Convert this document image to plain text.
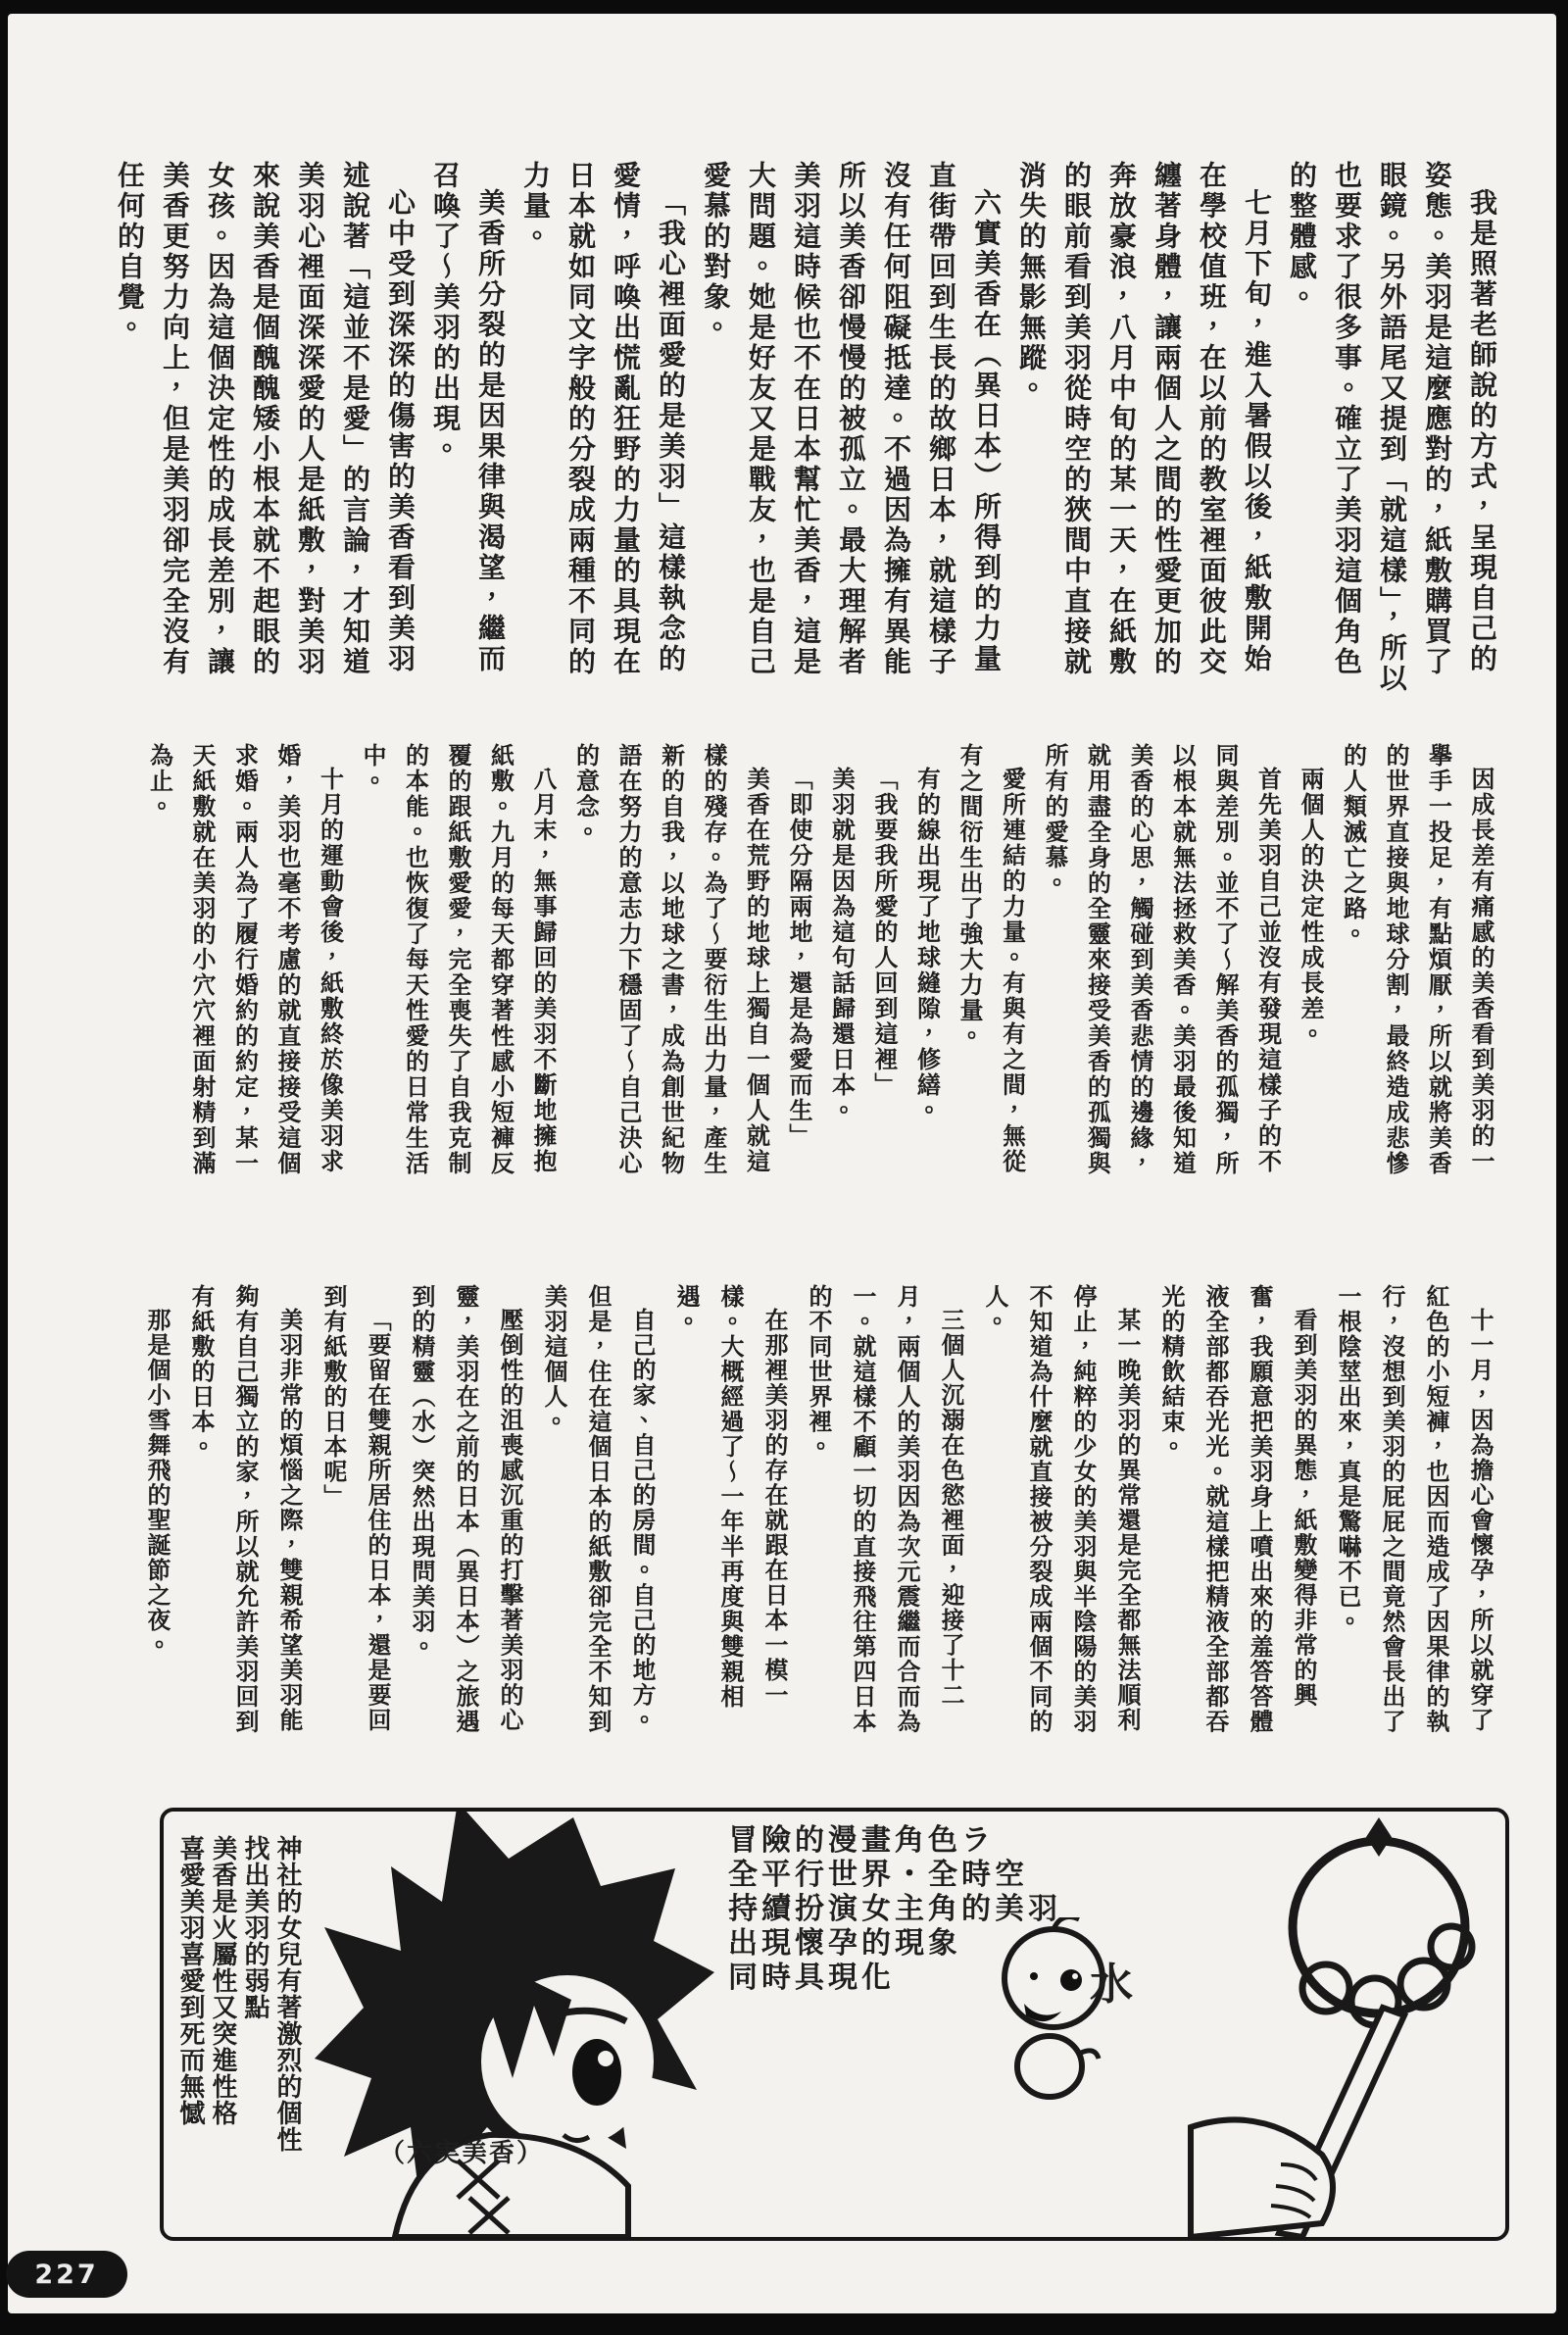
我是照著老師說的方式，呈現自己的姿態。美羽是這麼應對的，紙敷購買了眼鏡。另外語尾又提到「就這樣」，所以也要求了很多事。確立了美羽這個角色的整體感。

七月下旬，進入暑假以後，紙敷開始在學校值班，在以前的教室裡面彼此交纏著身體，讓兩個人之間的性愛更加的奔放豪浪，八月中旬的某一天，在紙敷的眼前看到美羽從時空的狹間中直接就消失的無影無蹤。

六實美香在（異日本）所得到的力量直街帶回到生長的故鄉日本，就這樣子沒有任何阻礙抵達。不過因為擁有異能所以美香卻慢慢的被孤立。最大理解者美羽這時候也不在日本幫忙美香，這是大問題。她是好友又是戰友，也是自己愛慕的對象。

「我心裡面愛的是美羽」這樣執念的愛情，呼喚出慌亂狂野的力量的具現在日本就如同文字般的分裂成兩種不同的力量。

美香所分裂的是因果律與渴望，繼而召喚了～美羽的出現。

心中受到深深的傷害的美香看到美羽述說著「這並不是愛」的言論，才知道美羽心裡面深深愛的人是紙敷，對美羽來說美香是個醜醜矮小根本就不起眼的女孩。因為這個決定性的成長差別，讓美香更努力向上，但是美羽卻完全沒有任何的自覺。

因成長差有痛感的美香看到美羽的一擧手一投足，有點煩厭，所以就將美香的世界直接與地球分割，最終造成悲慘的人類滅亡之路。

兩個人的決定性成長差。

首先美羽自己並沒有發現這樣子的不同與差別。並不了～解美香的孤獨，所以根本就無法拯救美香。美羽最後知道美香的心思，觸碰到美香悲情的邊緣，就用盡全身的全靈來接受美香的孤獨與所有的愛慕。

愛所連結的力量。有與有之間，無從有之間衍生出了強大力量。

有的線出現了地球縫隙，修繕。

「我要我所愛的人回到這裡」

美羽就是因為這句話歸還日本。

「即使分隔兩地，還是為愛而生」

美香在荒野的地球上獨自一個人就這樣的殘存。為了～要衍生出力量，產生新的自我，以地球之書，成為創世紀物語在努力的意志力下穩固了～自己決心的意念。

八月末，無事歸回的美羽不斷地擁抱紙敷。九月的每天都穿著性感小短褲反覆的跟紙敷愛愛，完全喪失了自我克制的本能。也恢復了每天性愛的日常生活中。

十月的運動會後，紙敷終於像美羽求婚，美羽也毫不考慮的就直接接受這個求婚。兩人為了履行婚約的約定，某一天紙敷就在美羽的小穴穴裡面射精到滿為止。

十一月，因為擔心會懷孕，所以就穿了紅色的小短褲，也因而造成了因果律的執行，沒想到美羽的屁屁之間竟然會長出了一根陰莖出來，真是驚嚇不已。

看到美羽的異態，紙敷變得非常的興奮，我願意把美羽身上噴出來的羞答答體液全部都吞光光。就這樣把精液全部都吞光的精飲結束。

某一晚美羽的異常還是完全都無法順利停止，純粹的少女的美羽與半陰陽的美羽不知道為什麼就直接被分裂成兩個不同的人。

三個人沉溺在色慾裡面，迎接了十二月，兩個人的美羽因為次元震繼而合而為一。就這樣不顧一切的直接飛往第四日本的不同世界裡。

在那裡美羽的存在就跟在日本一模一樣。大概經過了～一年半再度與雙親相遇。

自己的家、自己的房間。自己的地方。但是，住在這個日本的紙敷卻完全不知到美羽這個人。

壓倒性的沮喪感沉重的打擊著美羽的心靈，美羽在之前的日本（異日本）之旅遇到的精靈（水）突然出現問美羽。

「要留在雙親所居住的日本，還是要回到有紙敷的日本呢」

美羽非常的煩惱之際，雙親希望美羽能夠有自己獨立的家，所以就允許美羽回到有紙敷的日本。

那是個小雪舞飛的聖誕節之夜。

神社的女兒有著激烈的個性
找出美羽的弱點
美香是火屬性又突進性格
喜愛美羽喜愛到死而無憾	冒險的漫畫角色ラ
全平行世界・全時空
持續扮演女主角的美羽
出現懷孕的現象
同時具現化	水
（六実美香）
227
